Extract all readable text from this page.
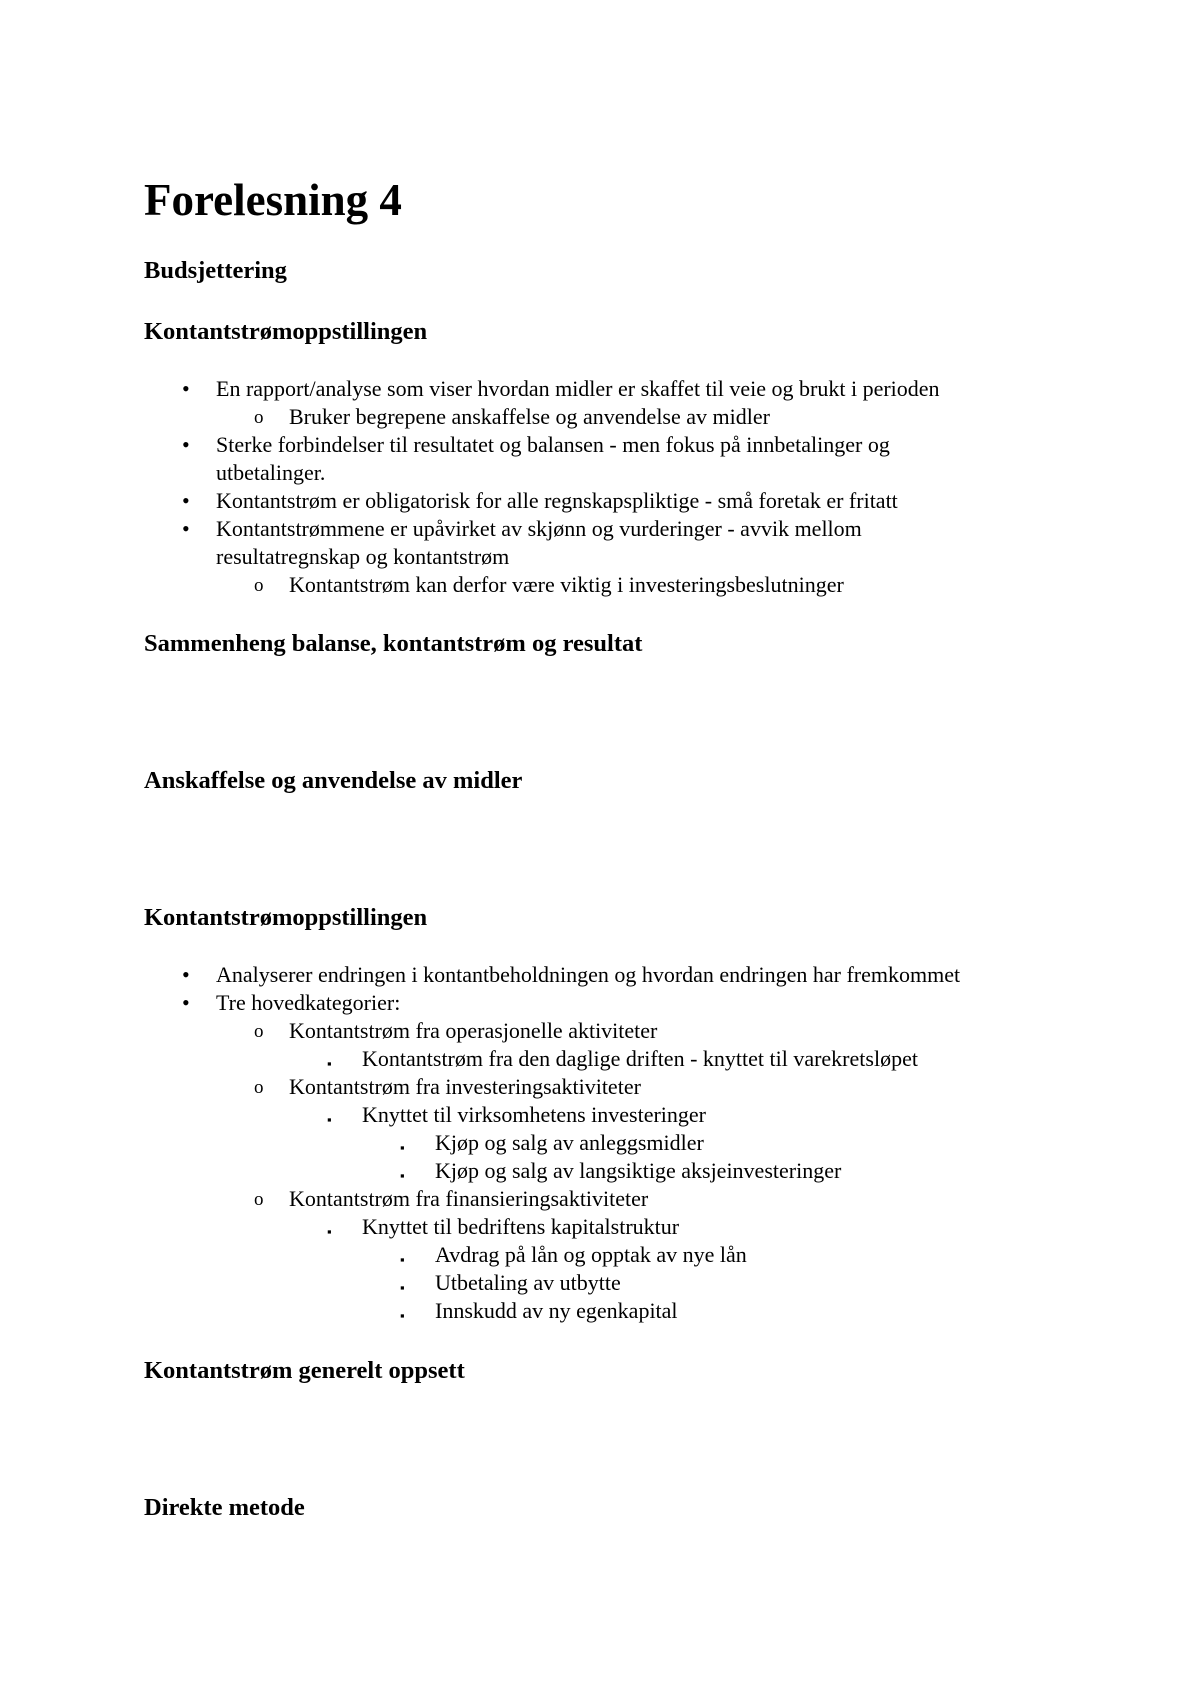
Forelesning 4
Budsjettering
Kontantstrømoppstillingen
• En rapport/analyse som viser hvordan midler er skaffet til veie og brukt i perioden
o Bruker begrepene anskaffelse og anvendelse av midler
• Sterke forbindelser til resultatet og balansen - men fokus på innbetalinger og
utbetalinger.
• Kontantstrøm er obligatorisk for alle regnskapspliktige - små foretak er fritatt
• Kontantstrømmene er upåvirket av skjønn og vurderinger - avvik mellom
resultatregnskap og kontantstrøm
o Kontantstrøm kan derfor være viktig i investeringsbeslutninger
Sammenheng balanse, kontantstrøm og resultat
Anskaffelse og anvendelse av midler
Kontantstrømoppstillingen
• Analyserer endringen i kontantbeholdningen og hvordan endringen har fremkommet
• Tre hovedkategorier:
o Kontantstrøm fra operasjonelle aktiviteter
▪ Kontantstrøm fra den daglige driften - knyttet til varekretsløpet
o Kontantstrøm fra investeringsaktiviteter
▪ Knyttet til virksomhetens investeringer
▪ Kjøp og salg av anleggsmidler
▪ Kjøp og salg av langsiktige aksjeinvesteringer
o Kontantstrøm fra finansieringsaktiviteter
▪ Knyttet til bedriftens kapitalstruktur
▪ Avdrag på lån og opptak av nye lån
▪ Utbetaling av utbytte
▪ Innskudd av ny egenkapital
Kontantstrøm generelt oppsett
Direkte metode
